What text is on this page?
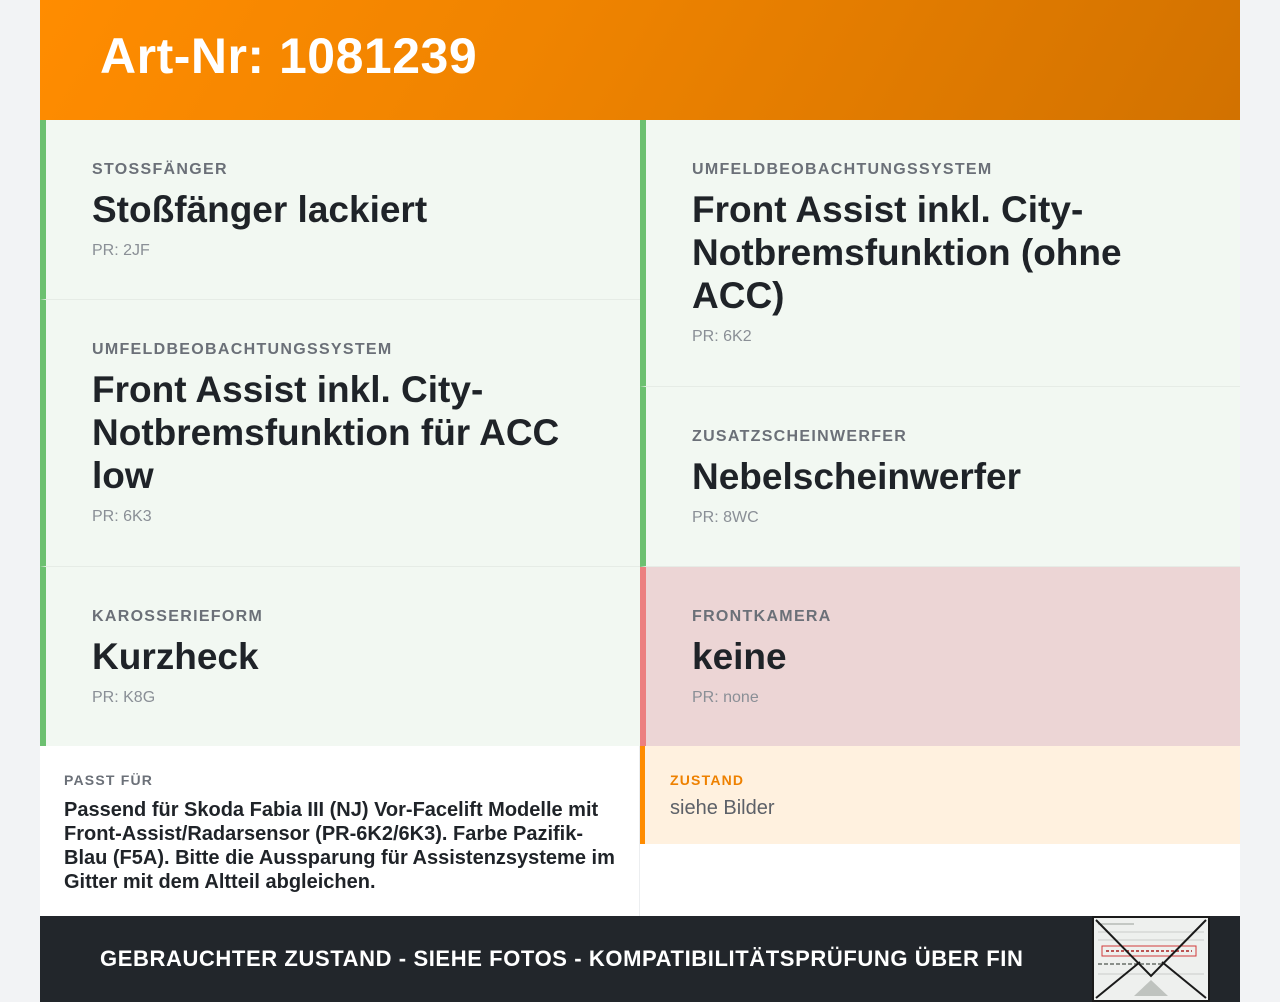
Art-Nr: 1081239
STOSSFÄNGER
Stoßfänger lackiert
PR: 2JF
UMFELDBEOBACHTUNGSSYSTEM
Front Assist inkl. City-Notbremsfunktion für ACC low
PR: 6K3
KAROSSERIEFORM
Kurzheck
PR: K8G
UMFELDBEOBACHTUNGSSYSTEM
Front Assist inkl. City-Notbremsfunktion (ohne ACC)
PR: 6K2
ZUSATZSCHEINWERFER
Nebelscheinwerfer
PR: 8WC
FRONTKAMERA
keine
PR: none
PASST FÜR
Passend für Skoda Fabia III (NJ) Vor-Facelift Modelle mit Front-Assist/Radarsensor (PR-6K2/6K3). Farbe Pazifik-Blau (F5A). Bitte die Aussparung für Assistenzsysteme im Gitter mit dem Altteil abgleichen.
ZUSTAND
siehe Bilder
GEBRAUCHTER ZUSTAND - SIEHE FOTOS - KOMPATIBILITÄTSPRÜFUNG ÜBER FIN
